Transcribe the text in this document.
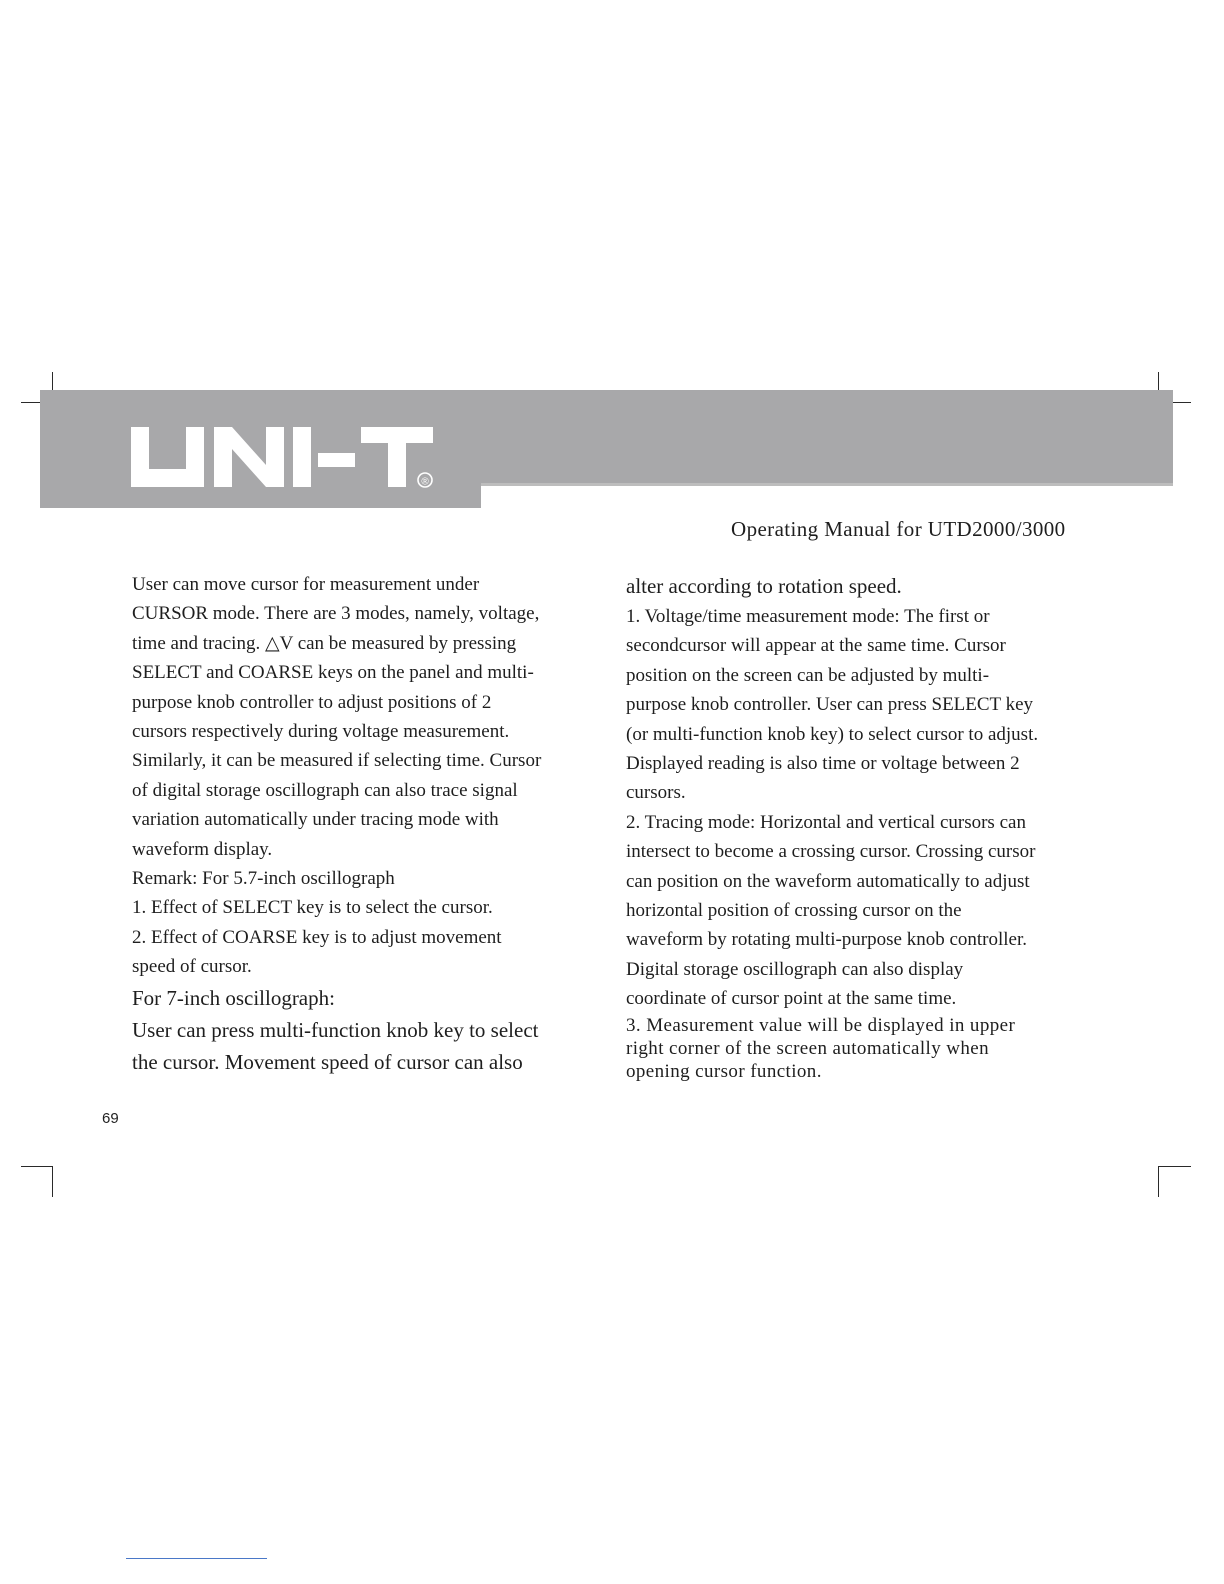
®
Operating Manual for UTD2000/3000
User can move cursor for measurement under
CURSOR mode. There are 3 modes, namely, voltage,
time and tracing. △V can be measured by pressing
SELECT and COARSE keys on the panel and multi-
purpose knob controller to adjust positions of 2
cursors respectively during voltage measurement.
Similarly, it can be measured if selecting time. Cursor
of digital storage oscillograph can also trace signal
variation automatically under tracing mode with
waveform display.
Remark: For 5.7-inch oscillograph
1. Effect of SELECT key is to select the cursor.
2. Effect of COARSE key is to adjust movement
speed of cursor.
For 7-inch oscillograph:
User can press multi-function knob key to select
the cursor. Movement speed of cursor can also
alter according to rotation speed.
1. Voltage/time measurement mode: The first or
secondcursor will appear at the same time. Cursor
position on the screen can be adjusted by multi-
purpose knob controller. User can press SELECT key
(or multi-function knob key) to select cursor to adjust.
Displayed reading is also time or voltage between 2
cursors.
2. Tracing mode: Horizontal and vertical cursors can
intersect to become a crossing cursor. Crossing cursor
can position on the waveform automatically to adjust
horizontal position of crossing cursor on the
waveform by rotating multi-purpose knob controller.
Digital storage oscillograph can also display
coordinate of cursor point at the same time.
3. Measurement value will be displayed in upper
right corner of the screen automatically when
opening cursor function.
69
